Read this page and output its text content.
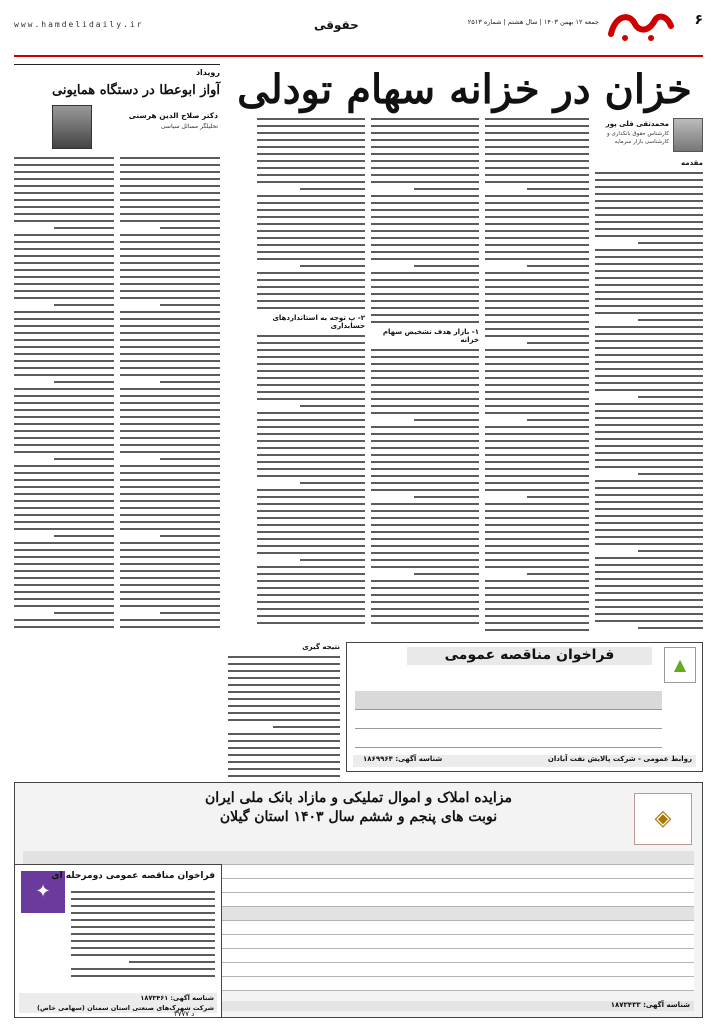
۶
جمعه ۱۲ بهمن ۱۴۰۳ | سال هشتم | شماره ۲۵۱۳
حقوقی
www.hamdelidaily.ir
خزان در خزانه سهام تودلی
محمدتقی قلی پور
کارشناس حقوق بانکداری و کارشناسی بازار سرمایه
مقدمه
۱- بازار هدف تشخیص سهام خزانه
۲- پ توجه به استانداردهای حسابداری
نتیجه گیری
رویداد
آواز ابوعطا در دستگاه همایونی
دکتر صلاح الدین هرسنی
تحلیلگر مسائل سیاسی
▲
فراخوان مناقصه عمومی
روابط عمومی - شرکت پالایش نفت آبادان
شناسه آگهی: ۱۸۶۹۹۶۴
◈
مزایده املاک و اموال تملیکی و مازاد بانک ملی ایران
نوبت های پنجم و ششم سال ۱۴۰۳ استان گیلان
شناسه آگهی: ۱۸۷۳۴۳۳
✦
فراخوان مناقصه عمومی دومرحله ای
شناسه آگهی: ۱۸۷۳۴۶۱
شرکت شهرک‌های صنعتی استان سمنان (سهامی خاص)
د ۳۷۷۷
